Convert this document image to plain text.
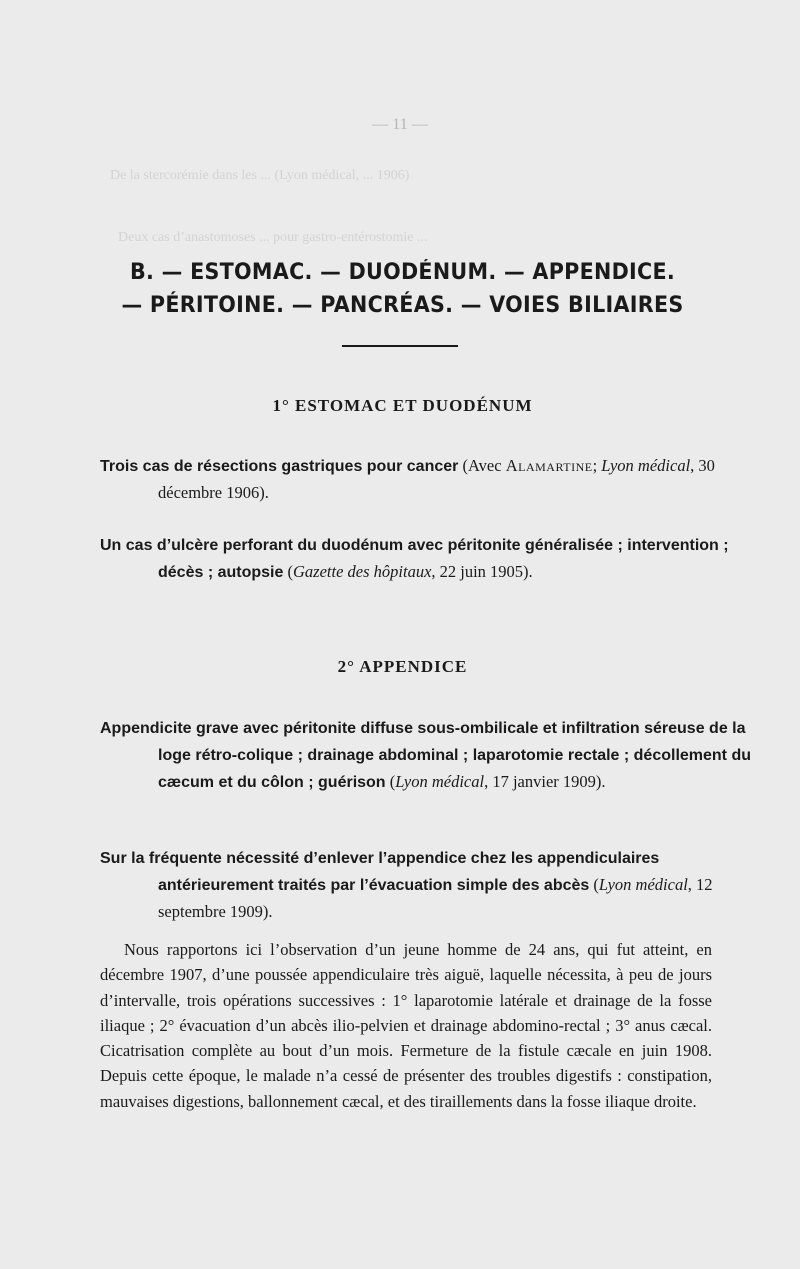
De la stercorémie dans les ... (Lyon médical, ... 1906)
Deux cas d’anastomoses ... pour gastro-entérostomie ...
— 11 —
B. — ESTOMAC. — DUODÉNUM. — APPENDICE. — PÉRITOINE. — PANCRÉAS. — VOIES BILIAIRES
1° ESTOMAC ET DUODÉNUM
Trois cas de résections gastriques pour cancer (Avec Alamartine; Lyon médical, 30 décembre 1906).
Un cas d’ulcère perforant du duodénum avec péritonite généralisée ; intervention ; décès ; autopsie (Gazette des hôpitaux, 22 juin 1905).
2° APPENDICE
Appendicite grave avec péritonite diffuse sous-ombilicale et infiltration séreuse de la loge rétro-colique ; drainage abdominal ; laparotomie rectale ; décollement du cæcum et du côlon ; guérison (Lyon médical, 17 janvier 1909).
Sur la fréquente nécessité d’enlever l’appendice chez les appendiculaires antérieurement traités par l’évacuation simple des abcès (Lyon médical, 12 septembre 1909).
Nous rapportons ici l’observation d’un jeune homme de 24 ans, qui fut atteint, en décembre 1907, d’une poussée appendiculaire très aiguë, laquelle nécessita, à peu de jours d’intervalle, trois opérations successives : 1° laparotomie latérale et drainage de la fosse iliaque ; 2° évacuation d’un abcès ilio-pelvien et drainage abdomino-rectal ; 3° anus cæcal. Cicatrisation complète au bout d’un mois. Fermeture de la fistule cæcale en juin 1908. Depuis cette époque, le malade n’a cessé de présenter des troubles digestifs : constipation, mauvaises digestions, ballonnement cæcal, et des tiraillements dans la fosse iliaque droite.
